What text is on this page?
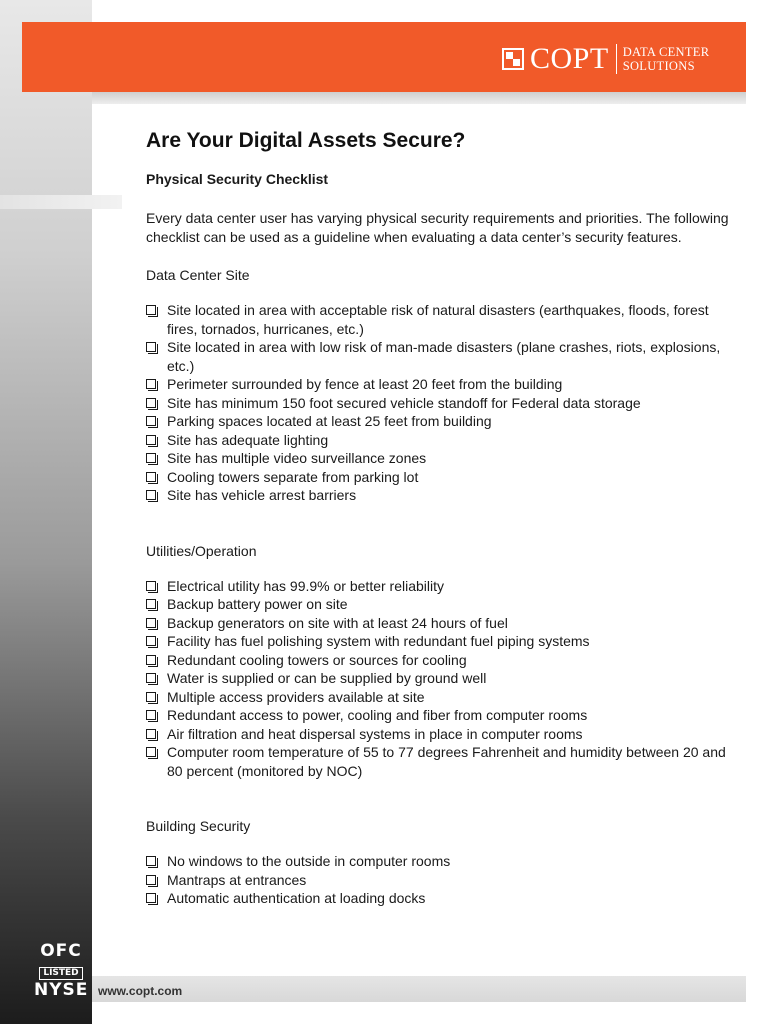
COPT DATA CENTER
SOLUTIONS
Are Your Digital Assets Secure?
Physical Security Checklist

Every data center user has varying physical security requirements and priorities. The following checklist can be used as a guideline when evaluating a data center’s security features.

Data Center Site
Site located in area with acceptable risk of natural disasters (earthquakes, floods, forest fires, tornados, hurricanes, etc.)
Site located in area with low risk of man-made disasters (plane crashes, riots, explosions, etc.)
Perimeter surrounded by fence at least 20 feet from the building
Site has minimum 150 foot secured vehicle standoff for Federal data storage
Parking spaces located at least 25 feet from building
Site has adequate lighting
Site has multiple video surveillance zones
Cooling towers separate from parking lot
Site has vehicle arrest barriers
Utilities/Operation
Electrical utility has 99.9% or better reliability
Backup battery power on site
Backup generators on site with at least 24 hours of fuel
Facility has fuel polishing system with redundant fuel piping systems
Redundant cooling towers or sources for cooling
Water is supplied or can be supplied by ground well
Multiple access providers available at site
Redundant access to power, cooling and fiber from computer rooms
Air filtration and heat dispersal systems in place in computer rooms
Computer room temperature of 55 to 77 degrees Fahrenheit and humidity between 20 and 80 percent (monitored by NOC)
Building Security
No windows to the outside in computer rooms
Mantraps at entrances
Automatic authentication at loading docks
OFC
LISTED
NYSE www.copt.com
